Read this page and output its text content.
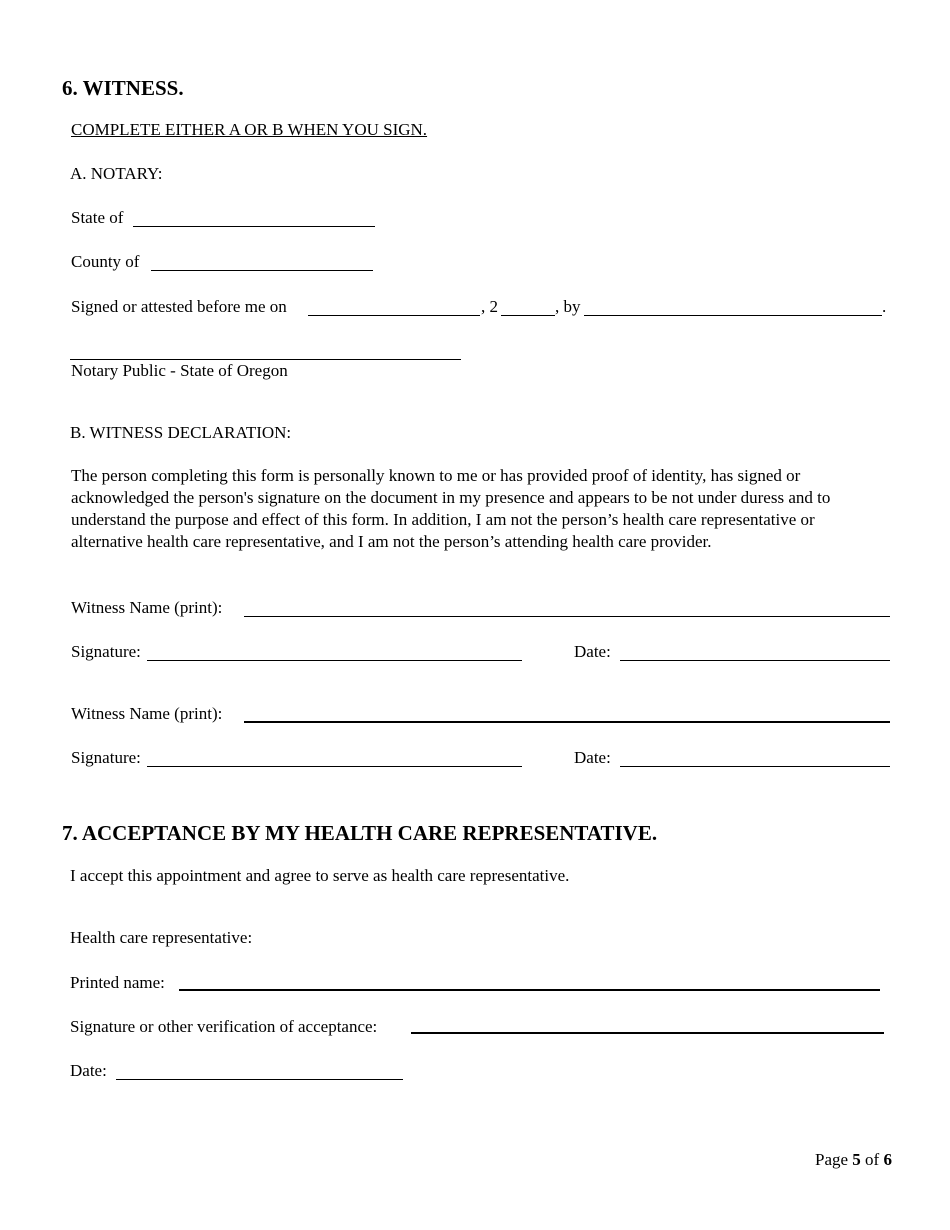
6. WITNESS.
COMPLETE EITHER A OR B WHEN YOU SIGN.
A. NOTARY:
State of
County of
Signed or attested before me on	, 2	, by	.
Notary Public - State of Oregon
B. WITNESS DECLARATION:
The person completing this form is personally known to me or has provided proof of identity, has signed or acknowledged the person's signature on the document in my presence and appears to be not under duress and to understand the purpose and effect of this form. In addition, I am not the person’s health care representative or alternative health care representative, and I am not the person’s attending health care provider.
Witness Name (print):
Signature:	Date:
Witness Name (print):
Signature:	Date:
7. ACCEPTANCE BY MY HEALTH CARE REPRESENTATIVE.
I accept this appointment and agree to serve as health care representative.
Health care representative:
Printed name:
Signature or other verification of acceptance:
Date:
Page 5 of 6
